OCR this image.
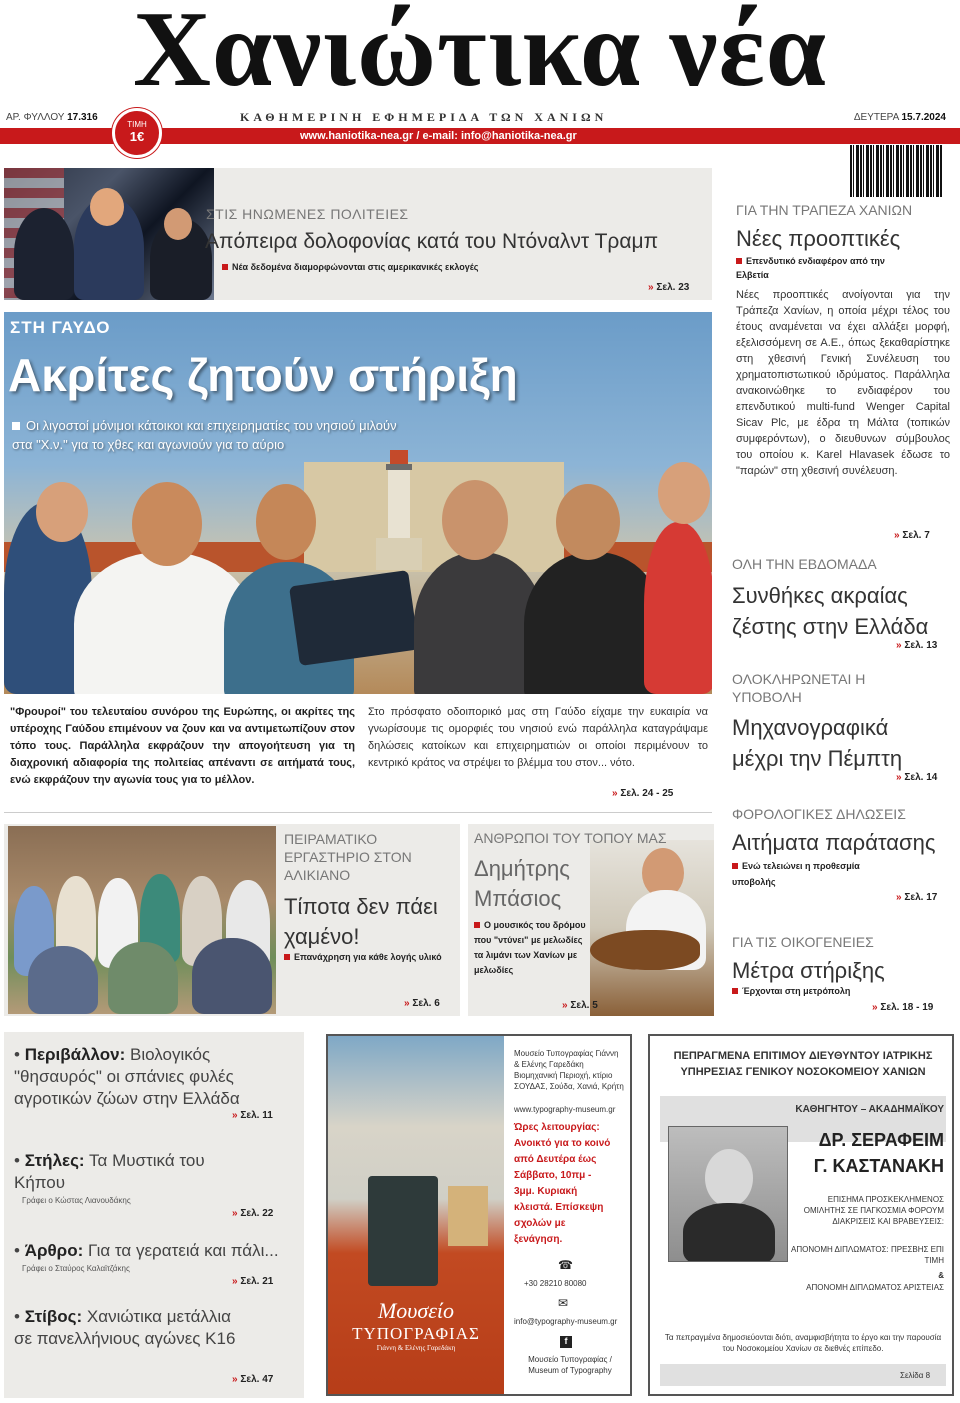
Χανιώτικα νέα
ΑΡ. ΦΥΛΛΟΥ 17.316	ΚΑΘΗΜΕΡΙΝΗ ΕΦΗΜΕΡΙΔΑ ΤΩΝ ΧΑΝΙΩΝ	ΔΕΥΤΕΡΑ 15.7.2024
www.haniotika-nea.gr / e-mail: info@haniotika-nea.gr
ΤΙΜΗ
1€
ΣΤΙΣ ΗΝΩΜΕΝΕΣ ΠΟΛΙΤΕΙΕΣ
Απόπειρα δολοφονίας κατά του Ντόναλντ Τραμπ
Νέα δεδομένα διαμορφώνονται στις αμερικανικές εκλογές
» Σελ. 23
ΣΤΗ ΓΑΥΔΟ
Ακρίτες ζητούν στήριξη
Οι λιγοστοί μόνιμοι κάτοικοι και επιχειρηματίες του νησιού μιλούν στα "Χ.ν." για το χθες και αγωνιούν για το αύριο
"Φρουροί" του τελευταίου συνόρου της Ευρώπης, οι ακρίτες της υπέροχης Γαύδου επιμένουν να ζουν και να αντιμετωπίζουν στον τόπο τους. Παράλληλα εκφράζουν την απογοήτευση για τη διαχρονική αδιαφορία της πολιτείας απέναντι σε αιτήματά τους, ενώ εκφράζουν την αγωνία τους για το μέλλον.
Στο πρόσφατο οδοιπορικό μας στη Γαύδο είχαμε την ευκαιρία να γνωρίσουμε τις ομορφιές του νησιού ενώ παράλληλα καταγράψαμε δηλώσεις κατοίκων και επιχειρηματιών οι οποίοι περιμένουν το κεντρικό κράτος να στρέψει το βλέμμα του στον... νότο.
» Σελ. 24 - 25
ΓΙΑ ΤΗΝ ΤΡΑΠΕΖΑ ΧΑΝΙΩΝ
Νέες προοπτικές
Επενδυτικό ενδιαφέρον από την Ελβετία
Νέες προοπτικές ανοίγονται για την Τράπεζα Χανίων, η οποία μέχρι τέλος του έτους αναμένεται να έχει αλλάξει μορφή, εξελισσόμενη σε Α.Ε., όπως ξεκαθαρίστηκε στη χθεσινή Γενική Συνέλευση του χρηματοπιστωτικού ιδρύματος. Παράλληλα ανακοινώθηκε το ενδιαφέρον του επενδυτικού multi-fund Wenger Capital Sicav Plc, με έδρα τη Μάλτα (τοπικών συμφερόντων), ο διευθυνων σύμβουλος του οποίου κ. Karel Hlavasek έδωσε το "παρών" στη χθεσινή συνέλευση.
» Σελ. 7
ΟΛΗ ΤΗΝ ΕΒΔΟΜΑΔΑ
Συνθήκες ακραίας ζέστης στην Ελλάδα
» Σελ. 13
ΟΛΟΚΛΗΡΩΝΕΤΑΙ Η ΥΠΟΒΟΛΗ
Μηχανογραφικά μέχρι την Πέμπτη
» Σελ. 14
ΦΟΡΟΛΟΓΙΚΕΣ ΔΗΛΩΣΕΙΣ
Αιτήματα παράτασης
Ενώ τελειώνει η προθεσμία υποβολής
» Σελ. 17
ΓΙΑ ΤΙΣ ΟΙΚΟΓΕΝΕΙΕΣ
Μέτρα στήριξης
Έρχονται στη μετρόπολη
» Σελ. 18 - 19
ΠΕΙΡΑΜΑΤΙΚΟ ΕΡΓΑΣΤΗΡΙΟ ΣΤΟΝ ΑΛΙΚΙΑΝΟ
Τίποτα δεν πάει χαμένο!
Επανάχρηση για κάθε λογής υλικό
» Σελ. 6
ΑΝΘΡΩΠΟΙ ΤΟΥ ΤΟΠΟΥ ΜΑΣ
Δημήτρης Μπάσιος
Ο μουσικός του δρόμου που "ντύνει" με μελωδίες τα λιμάνι των Χανίων με μελωδίες
» Σελ. 5
• Περιβάλλον: Βιολογικός "θησαυρός" οι σπάνιες φυλές αγροτικών ζώων στην Ελλάδα
» Σελ. 11
• Στήλες: Τα Μυστικά του Κήπου
Γράφει ο Κώστας Λιανουδάκης
» Σελ. 22
• Άρθρο: Για τα γερατειά και πάλι...
Γράφει ο Σταύρος Καλαϊτζάκης
» Σελ. 21
• Στίβος: Χανιώτικα μετάλλια σε πανελλήνιους αγώνες Κ16
» Σελ. 47
Μουσείο
ΤΥΠΟΓΡΑΦΙΑΣ
Γιάννη & Ελένης Γαρεδάκη
Μουσείο Τυπογραφίας Γιάννη & Ελένης Γαρεδάκη Βιομηχανική Περιοχή, κτίριο ΣΟΥΔΑΣ, Σούδα, Χανιά, Κρήτη
www.typography-museum.gr
Ώρες λειτουργίας: Ανοικτό για το κοινό από Δευτέρα έως Σάββατο, 10πμ - 3μμ. Κυριακή κλειστά. Επίσκεψη σχολών με ξενάγηση.
☎
+30 28210 80080
✉
info@typography-museum.gr
f
Μουσείο Τυπογραφίας / Museum of Typography
ΠΕΠΡΑΓΜΕΝΑ ΕΠΙΤΙΜΟΥ ΔΙΕΥΘΥΝΤΟΥ ΙΑΤΡΙΚΗΣ ΥΠΗΡΕΣΙΑΣ ΓΕΝΙΚΟΥ ΝΟΣΟΚΟΜΕΙΟΥ ΧΑΝΙΩΝ
ΚΑΘΗΓΗΤΟΥ – ΑΚΑΔΗΜΑΪΚΟΥ
ΔΡ. ΣΕΡΑΦΕΙΜ
Γ. ΚΑΣΤΑΝΑΚΗ
ΕΠΙΣΗΜΑ ΠΡΟΣΚΕΚΛΗΜΕΝΟΣ ΟΜΙΛΗΤΗΣ ΣΕ ΠΑΓΚΟΣΜΙΑ ΦΟΡΟΥΜ ΔΙΑΚΡΙΣΕΙΣ ΚΑΙ ΒΡΑΒΕΥΣΕΙΣ:
ΑΠΟΝΟΜΗ ΔΙΠΛΩΜΑΤΟΣ: ΠΡΕΣΒΗΣ ΕΠΙ ΤΙΜΗ
&
ΑΠΟΝΟΜΗ ΔΙΠΛΩΜΑΤΟΣ ΑΡΙΣΤΕΙΑΣ
Τα πεπραγμένα δημοσιεύονται διότι, αναμφισβήτητα το έργο και την παρουσία του Νοσοκομείου Χανίων σε διεθνές επίπεδο.
Σελίδα 8
